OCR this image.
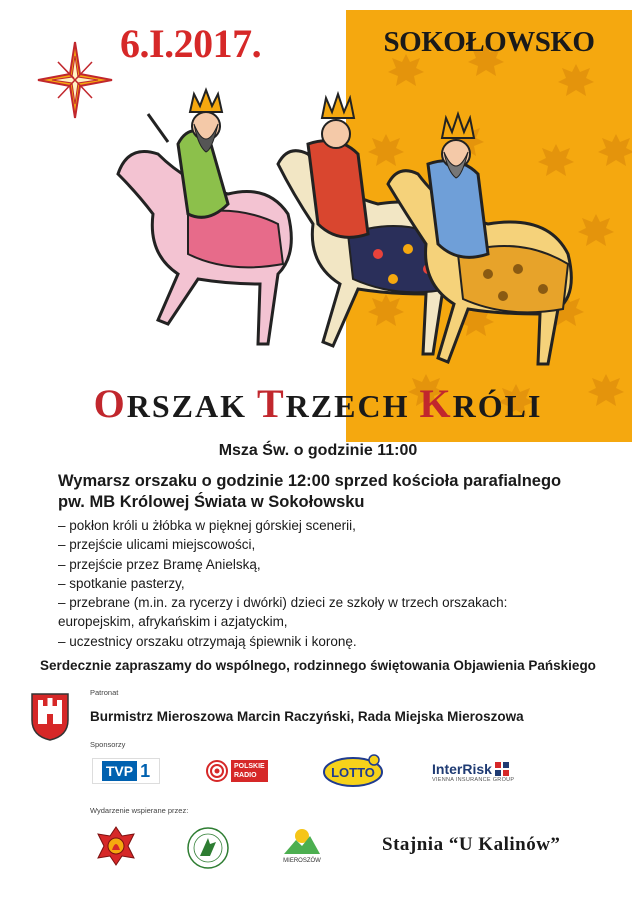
6.I.2017.	SOKOŁOWSKO
ORSZAK TRZECH KRÓLI
Msza Św. o godzinie 11:00
Wymarsz orszaku o godzinie 12:00 sprzed kościoła parafialnego
pw. MB Królowej Świata w Sokołowsku
– pokłon króli u żłóbka w pięknej górskiej scenerii,
– przejście ulicami miejscowości,
– przejście przez Bramę Anielską,
– spotkanie pasterzy,
– przebrane (m.in. za rycerzy i dwórki) dzieci ze szkoły w trzech orszakach:
europejskim, afrykańskim i azjatyckim,
– uczestnicy orszaku otrzymają śpiewnik i koronę.
Serdecznie zapraszamy do wspólnego, rodzinnego świętowania Objawienia Pańskiego
Patronat
Burmistrz Mieroszowa Marcin Raczyński, Rada Miejska Mieroszowa
Sponsorzy
TVP 1	POLSKIE
RADIO	LOTTO	InterRisk
VIENNA INSURANCE GROUP
Wydarzenie wspierane przez:
MIEROSZÓW
Stajnia “U Kalinów”
